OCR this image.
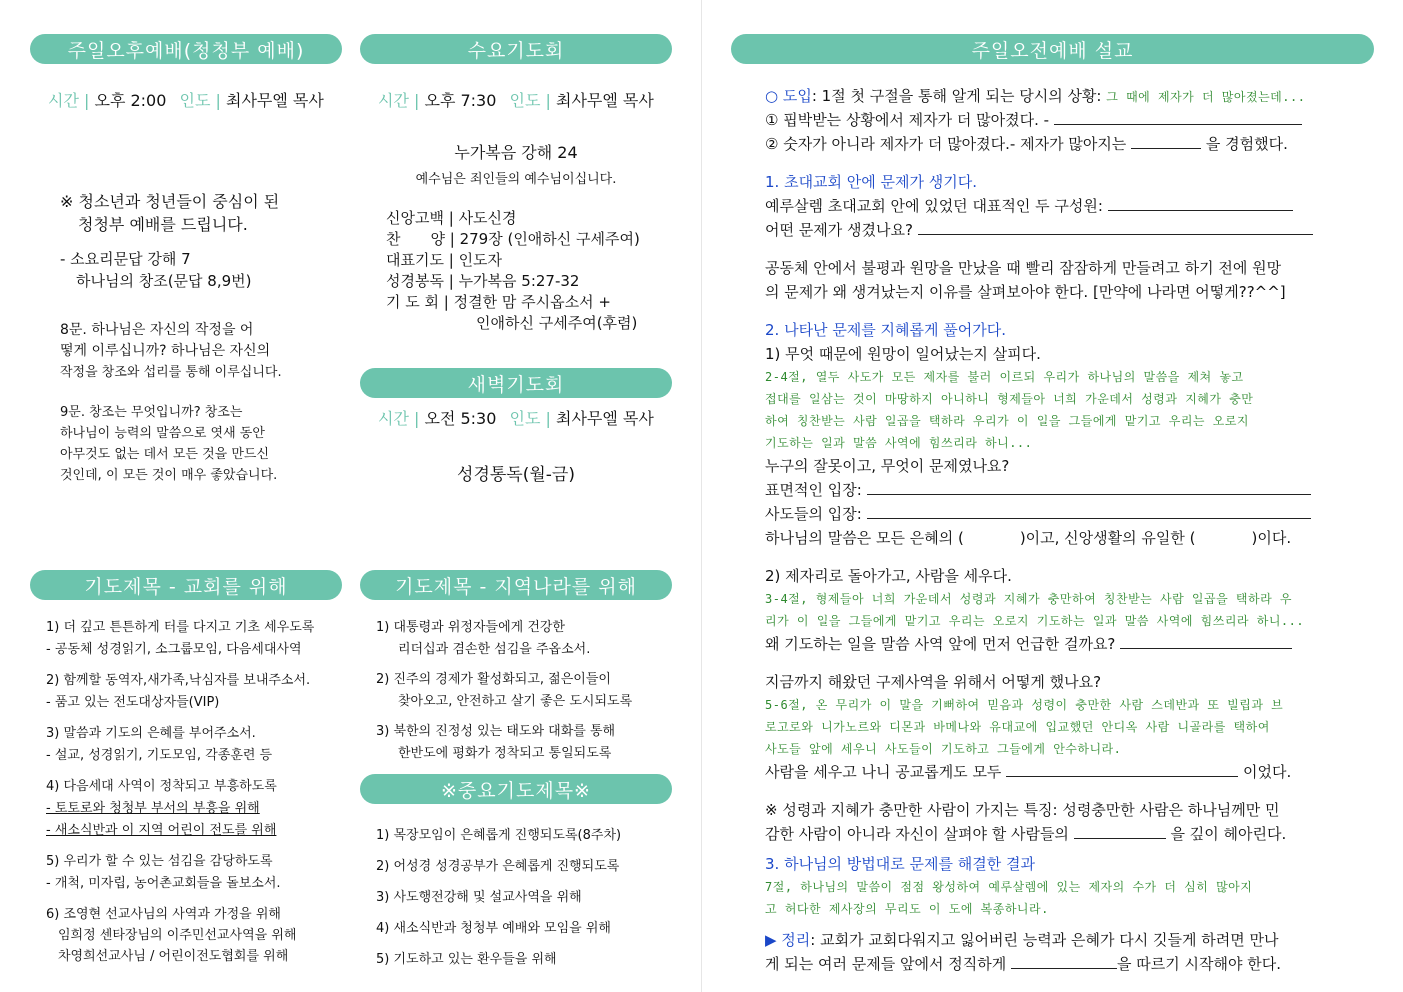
주일오후예배(청청부 예배)
시간 | 오후 2:00 인도 | 최사무엘 목사
※ 청소년과 청년들이 중심이 된
청청부 예배를 드립니다.
- 소요리문답 강해 7
하나님의 창조(문답 8,9번)
8문. 하나님은 자신의 작정을 어
떻게 이루십니까? 하나님은 자신의
작정을 창조와 섭리를 통해 이루십니다.
9문. 창조는 무엇입니까? 창조는
하나님이 능력의 말씀으로 엿새 동안
아무것도 없는 데서 모든 것을 만드신
것인데, 이 모든 것이 매우 좋았습니다.
수요기도회
시간 | 오후 7:30 인도 | 최사무엘 목사
누가복음 강해 24
예수님은 죄인들의 예수님이십니다.
신앙고백 | 사도신경
찬　　양 | 279장 (인애하신 구세주여)
대표기도 | 인도자
성경봉독 | 누가복음 5:27-32
기 도 회 | 정결한 맘 주시옵소서 +
인애하신 구세주여(후렴)
새벽기도회
시간 | 오전 5:30 인도 | 최사무엘 목사
성경통독(월-금)
기도제목 - 교회를 위해
1) 더 깊고 튼튼하게 터를 다지고 기초 세우도록
- 공동체 성경읽기, 소그룹모임, 다음세대사역
2) 함께할 동역자,새가족,낙심자를 보내주소서.
- 품고 있는 전도대상자들(VIP)
3) 말씀과 기도의 은혜를 부어주소서.
- 설교, 성경읽기, 기도모임, 각종훈련 등
4) 다음세대 사역이 정착되고 부흥하도록
- 토토로와 청청부 부서의 부흥을 위해
- 새소식반과 이 지역 어린이 전도를 위해
5) 우리가 할 수 있는 섬김을 감당하도록
- 개척, 미자립, 농어촌교회들을 돌보소서.
6) 조영현 선교사님의 사역과 가정을 위해
임희정 센타장님의 이주민선교사역을 위해
차영희선교사님 / 어린이전도협회를 위해
기도제목 - 지역나라를 위해
1) 대통령과 위정자들에게 건강한
리더십과 겸손한 섬김을 주옵소서.
2) 진주의 경제가 활성화되고, 젊은이들이
찾아오고, 안전하고 살기 좋은 도시되도록
3) 북한의 진정성 있는 태도와 대화를 통해
한반도에 평화가 정착되고 통일되도록
※중요기도제목※
1) 목장모임이 은혜롭게 진행되도록(8주차)
2) 어성경 성경공부가 은혜롭게 진행되도록
3) 사도행전강해 및 설교사역을 위해
4) 새소식반과 청청부 예배와 모임을 위해
5) 기도하고 있는 환우들을 위해
주일오전예배 설교
○ 도입: 1절 첫 구절을 통해 알게 되는 당시의 상황: 그 때에 제자가 더 많아졌는데...
① 핍박받는 상황에서 제자가 더 많아졌다. -
② 숫자가 아니라 제자가 더 많아졌다.- 제자가 많아지는	을 경험했다.
1. 초대교회 안에 문제가 생기다.
예루살렘 초대교회 안에 있었던 대표적인 두 구성원:
어떤 문제가 생겼나요?
공동체 안에서 불평과 원망을 만났을 때 빨리 잠잠하게 만들려고 하기 전에 원망
의 문제가 왜 생겨났는지 이유를 살펴보아야 한다. [만약에 나라면 어떻게??^^]
2. 나타난 문제를 지혜롭게 풀어가다.
1) 무엇 때문에 원망이 일어났는지 살피다.
2-4절, 열두 사도가 모든 제자를 불러 이르되 우리가 하나님의 말씀을 제쳐 놓고
접대를 일삼는 것이 마땅하지 아니하니 형제들아 너희 가운데서 성령과 지혜가 충만
하여 칭찬받는 사람 일곱을 택하라 우리가 이 일을 그들에게 맡기고 우리는 오로지
기도하는 일과 말씀 사역에 힘쓰리라 하니...
누구의 잘못이고, 무엇이 문제였나요?
표면적인 입장:
사도들의 입장:
하나님의 말씀은 모든 은혜의 (	)이고, 신앙생활의 유일한 (	)이다.
2) 제자리로 돌아가고, 사람을 세우다.
3-4절, 형제들아 너희 가운데서 성령과 지혜가 충만하여 칭찬받는 사람 일곱을 택하라 우
리가 이 일을 그들에게 맡기고 우리는 오로지 기도하는 일과 말씀 사역에 힘쓰리라 하니...
왜 기도하는 일을 말씀 사역 앞에 먼저 언급한 걸까요?
지금까지 해왔던 구제사역을 위해서 어떻게 했나요?
5-6절, 온 무리가 이 말을 기뻐하여 믿음과 성령이 충만한 사람 스데반과 또 빌립과 브
로고로와 니가노르와 디몬과 바메나와 유대교에 입교했던 안디옥 사람 니골라를 택하여
사도들 앞에 세우니 사도들이 기도하고 그들에게 안수하니라.
사람을 세우고 나니 공교롭게도 모두	이었다.
※ 성령과 지혜가 충만한 사람이 가지는 특징: 성령충만한 사람은 하나님께만 민
감한 사람이 아니라 자신이 살펴야 할 사람들의	을 깊이 헤아린다.
3. 하나님의 방법대로 문제를 해결한 결과
7절, 하나님의 말씀이 점점 왕성하여 예루살렘에 있는 제자의 수가 더 심히 많아지
고 허다한 제사장의 무리도 이 도에 복종하니라.
▶ 정리: 교회가 교회다워지고 잃어버린 능력과 은혜가 다시 깃들게 하려면 만나
게 되는 여러 문제들 앞에서 정직하게	을 따르기 시작해야 한다.
